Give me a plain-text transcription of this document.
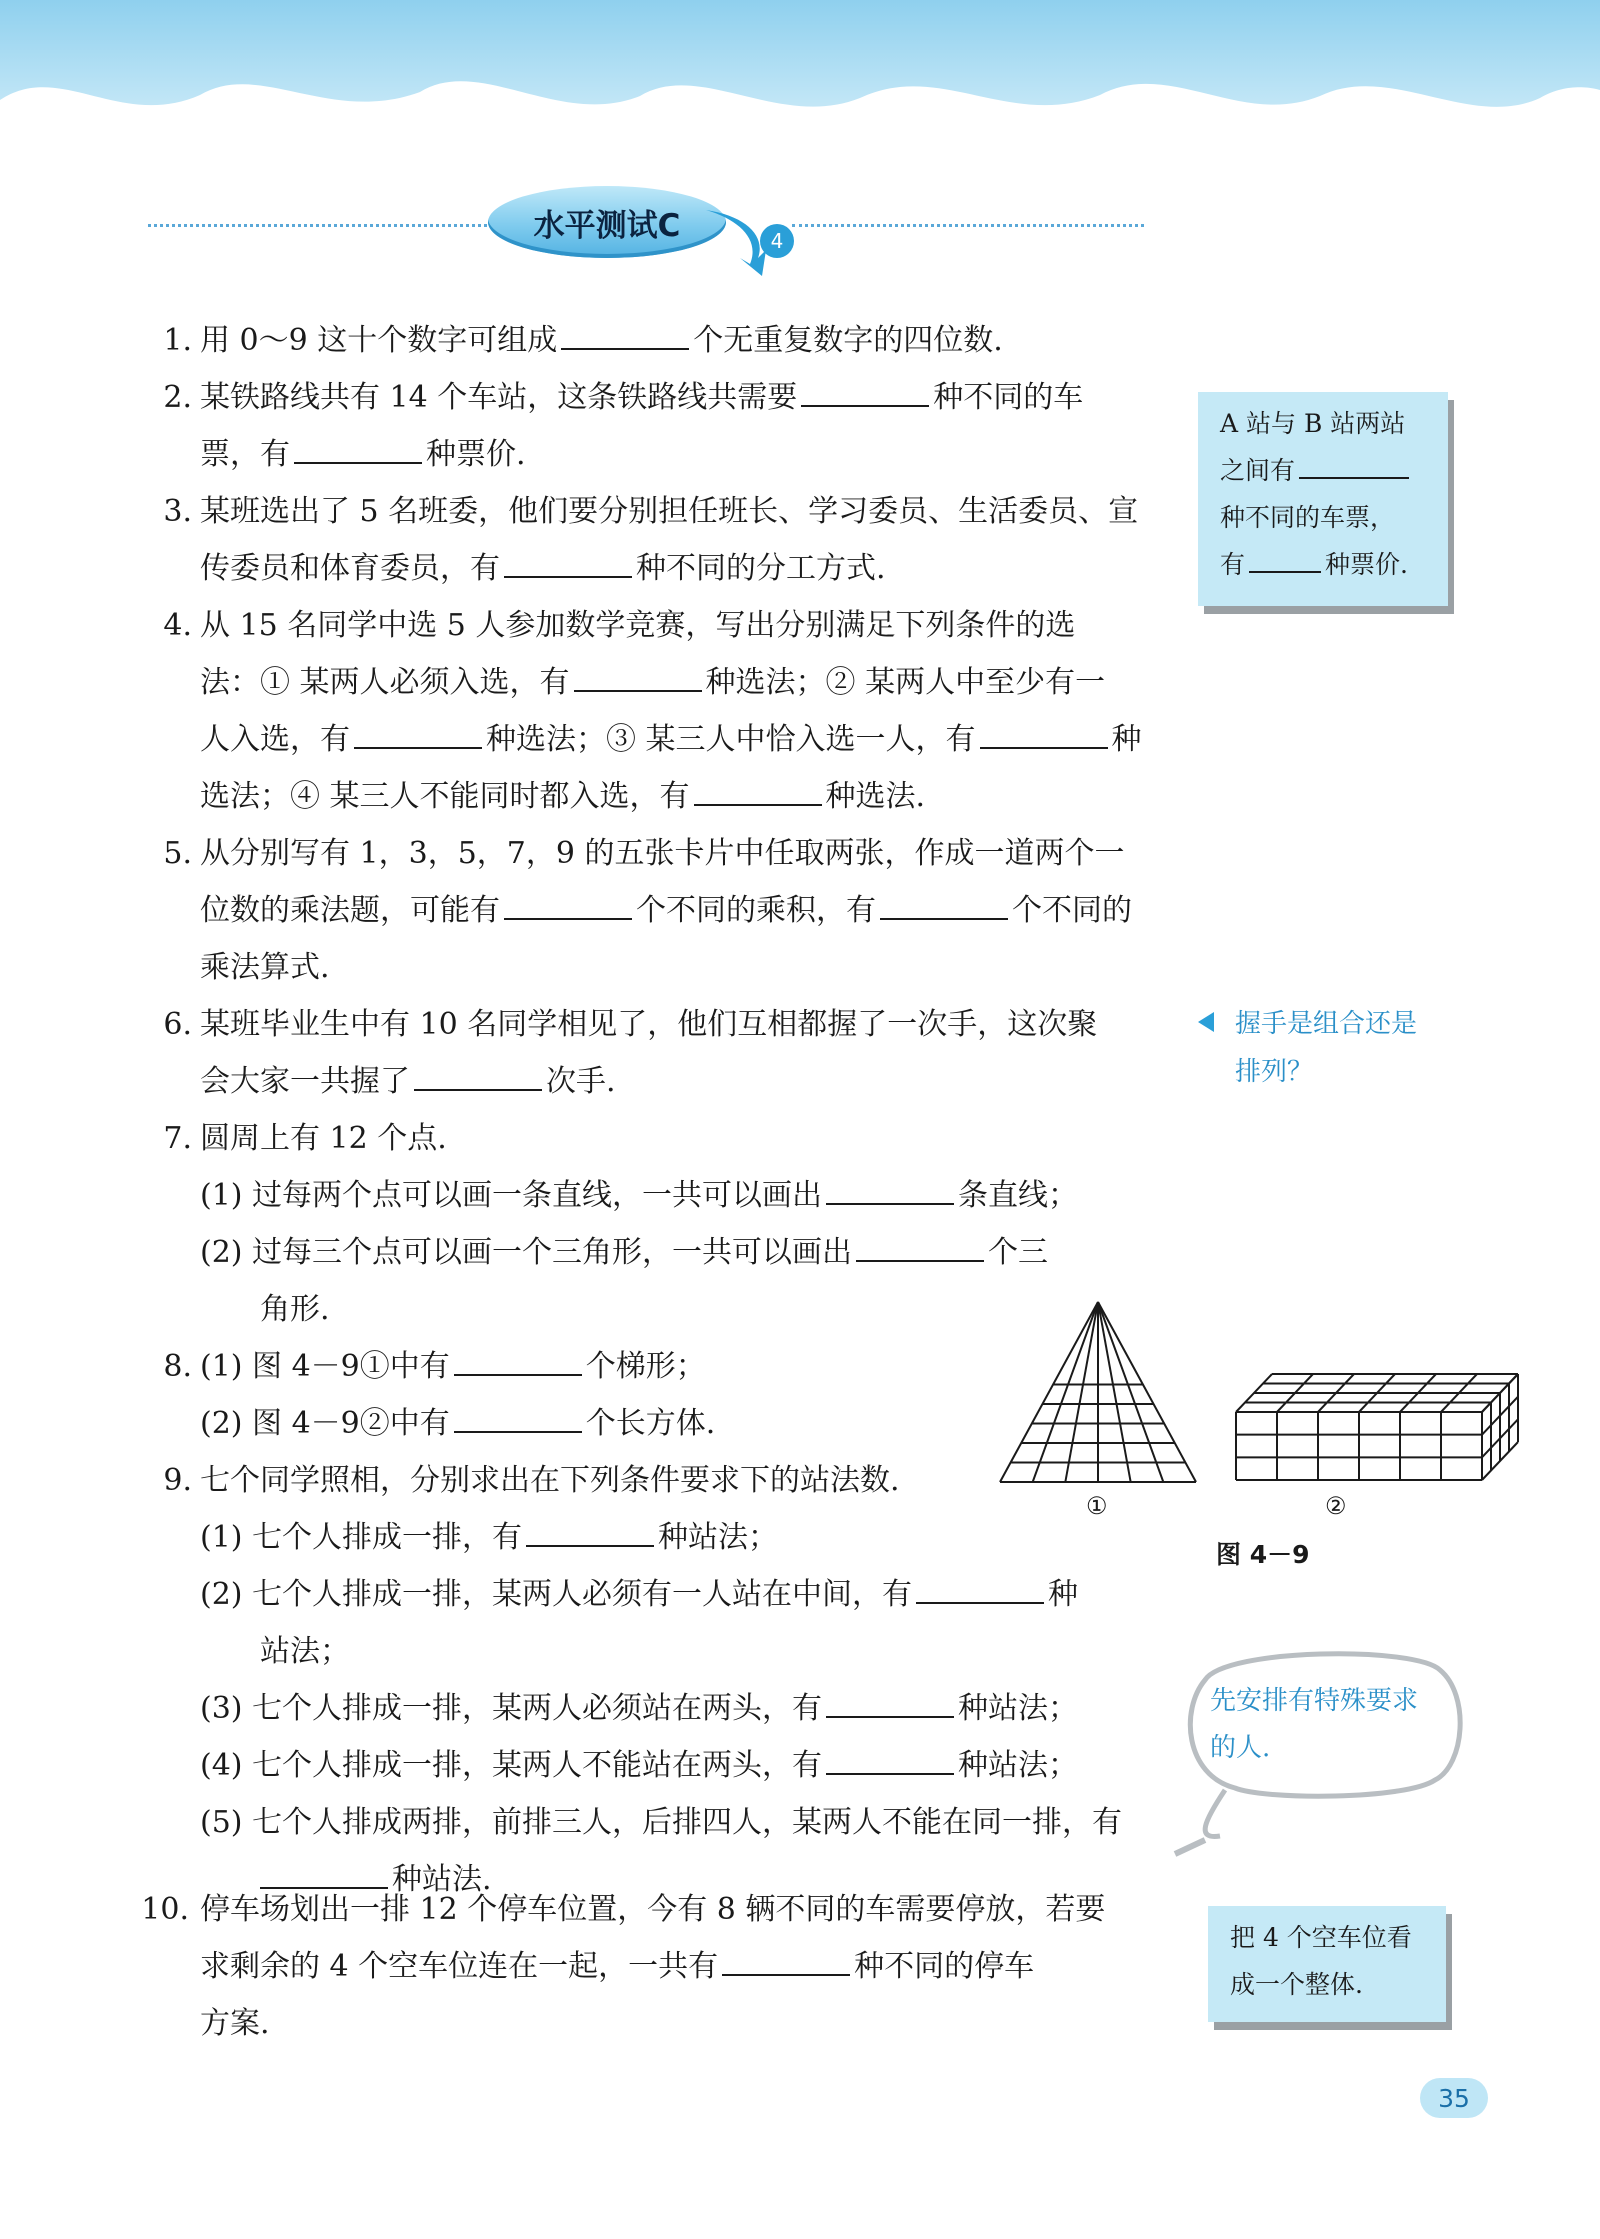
水平测试C	4
1. 用 0～9 这十个数字可组成	个无重复数字的四位数.
2. 某铁路线共有 14 个车站，这条铁路线共需要	种不同的车
票，有	种票价.
3. 某班选出了 5 名班委，他们要分别担任班长、学习委员、生活委员、宣
传委员和体育委员，有	种不同的分工方式.
4. 从 15 名同学中选 5 人参加数学竞赛，写出分别满足下列条件的选
法：① 某两人必须入选，有	种选法；② 某两人中至少有一
人入选，有	种选法；③ 某三人中恰入选一人，有	种
选法；④ 某三人不能同时都入选，有	种选法.
5. 从分别写有 1，3，5，7，9 的五张卡片中任取两张，作成一道两个一
位数的乘法题，可能有	个不同的乘积，有	个不同的
乘法算式.
6. 某班毕业生中有 10 名同学相见了，他们互相都握了一次手，这次聚
会大家一共握了	次手.
7. 圆周上有 12 个点.
(1) 过每两个点可以画一条直线，一共可以画出	条直线；
(2) 过每三个点可以画一个三角形，一共可以画出	个三
角形.
8. (1) 图 4－9①中有	个梯形；
(2) 图 4－9②中有	个长方体.
9. 七个同学照相，分别求出在下列条件要求下的站法数.
(1) 七个人排成一排，有	种站法；
(2) 七个人排成一排，某两人必须有一人站在中间，有	种
站法；
(3) 七个人排成一排，某两人必须站在两头，有	种站法；
(4) 七个人排成一排，某两人不能站在两头，有	种站法；
(5) 七个人排成两排，前排三人，后排四人，某两人不能在同一排，有
种站法.
10. 停车场划出一排 12 个停车位置，今有 8 辆不同的车需要停放，若要
求剩余的 4 个空车位连在一起，一共有	种不同的停车
方案.
A 站与 B 站两站
之间有
种不同的车票，
有	种票价.
握手是组合还是
排列？
①	②
图 4－9
先安排有特殊要求
的人.
把 4 个空车位看
成一个整体.
35
